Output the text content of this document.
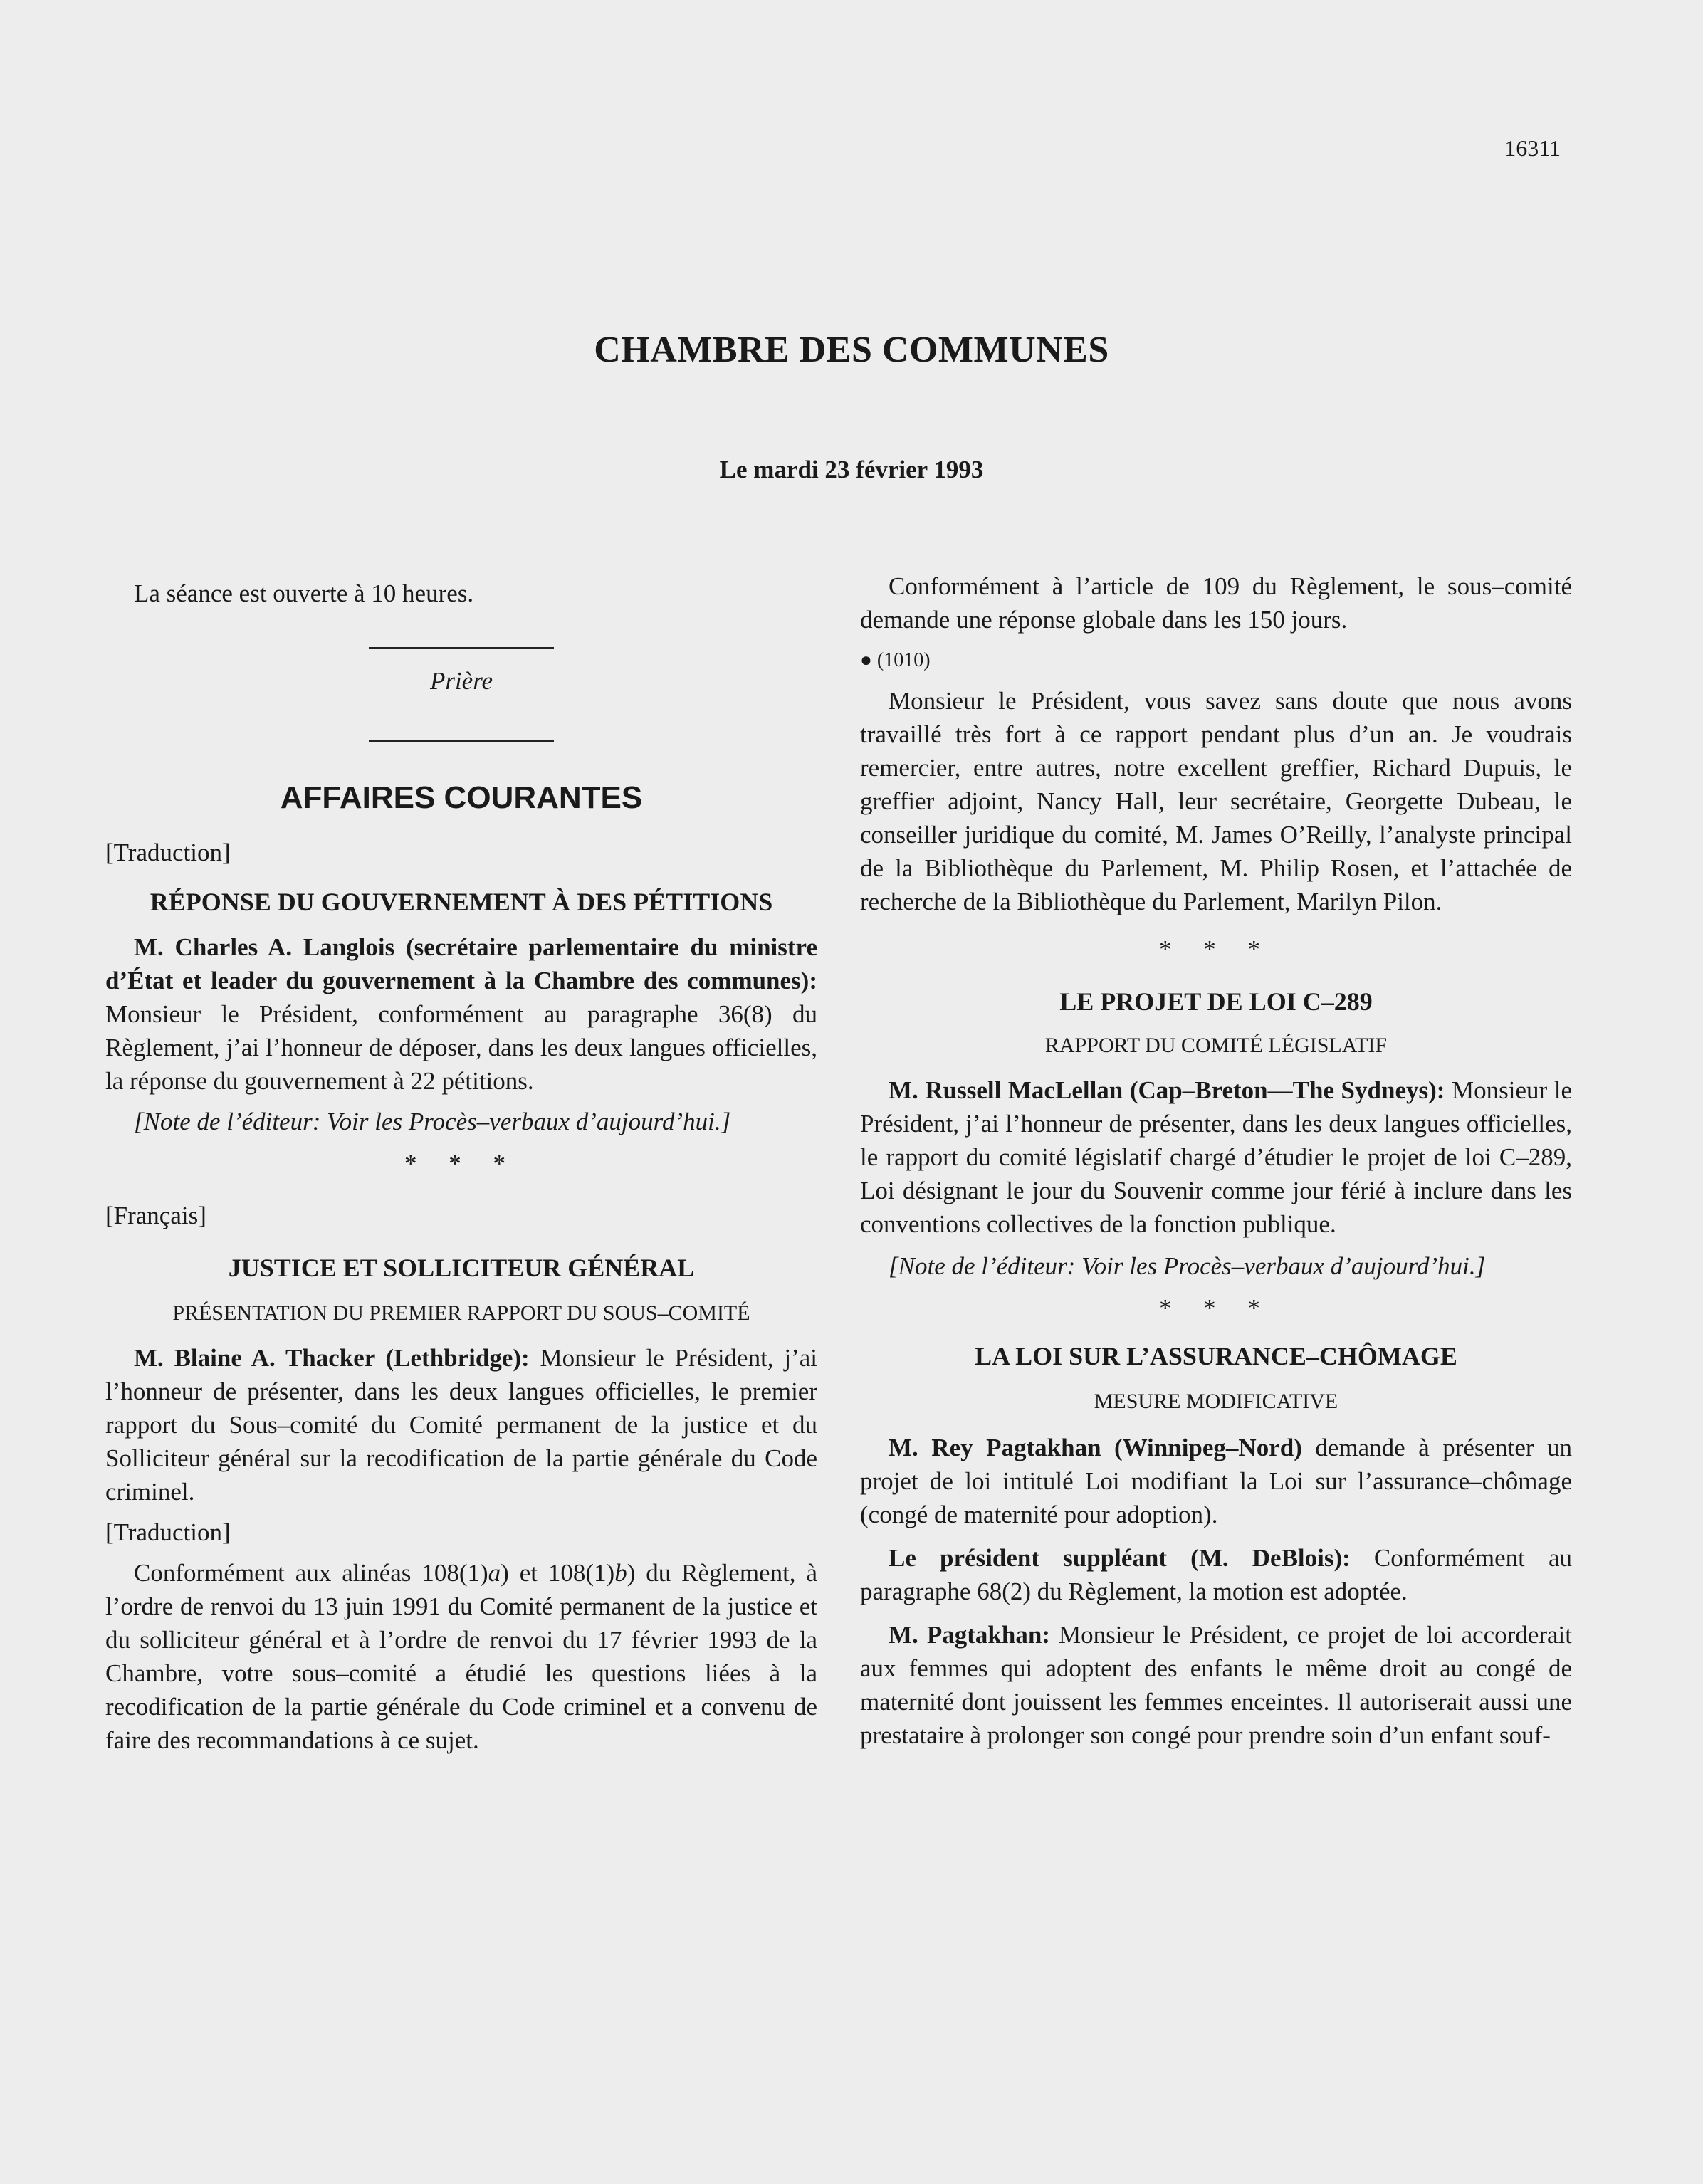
16311
CHAMBRE DES COMMUNES
Le mardi 23 février 1993

La séance est ouverte à 10 heures.

Prière

AFFAIRES COURANTES

[Traduction]

RÉPONSE DU GOUVERNEMENT À DES PÉTITIONS

M. Charles A. Langlois (secrétaire parlementaire du ministre d’État et leader du gouvernement à la Chambre des communes): Monsieur le Président, conformément au paragraphe 36(8) du Règlement, j’ai l’honneur de déposer, dans les deux langues officielles, la réponse du gouvernement à 22 pétitions.

[Note de l’éditeur: Voir les Procès–verbaux d’aujourd’hui.]

* * *

[Français]

JUSTICE ET SOLLICITEUR GÉNÉRAL

PRÉSENTATION DU PREMIER RAPPORT DU SOUS–COMITÉ

M. Blaine A. Thacker (Lethbridge): Monsieur le Président, j’ai l’honneur de présenter, dans les deux langues officielles, le premier rapport du Sous–comité du Comité permanent de la justice et du Solliciteur général sur la recodification de la partie générale du Code criminel.

[Traduction]

Conformément aux alinéas 108(1)a) et 108(1)b) du Règlement, à l’ordre de renvoi du 13 juin 1991 du Comité permanent de la justice et du solliciteur général et à l’ordre de renvoi du 17 février 1993 de la Chambre, votre sous–comité a étudié les questions liées à la recodification de la partie générale du Code criminel et a convenu de faire des recommandations à ce sujet.

Conformément à l’article de 109 du Règlement, le sous–comité demande une réponse globale dans les 150 jours.

● (1010)

Monsieur le Président, vous savez sans doute que nous avons travaillé très fort à ce rapport pendant plus d’un an. Je voudrais remercier, entre autres, notre excellent greffier, Richard Dupuis, le greffier adjoint, Nancy Hall, leur secrétaire, Georgette Dubeau, le conseiller juridique du comité, M. James O’Reilly, l’analyste principal de la Bibliothèque du Parlement, M. Philip Rosen, et l’attachée de recherche de la Bibliothèque du Parlement, Marilyn Pilon.

* * *

LE PROJET DE LOI C–289

RAPPORT DU COMITÉ LÉGISLATIF

M. Russell MacLellan (Cap–Breton—The Sydneys): Monsieur le Président, j’ai l’honneur de présenter, dans les deux langues officielles, le rapport du comité législatif chargé d’étudier le projet de loi C–289, Loi désignant le jour du Souvenir comme jour férié à inclure dans les conventions collectives de la fonction publique.

[Note de l’éditeur: Voir les Procès–verbaux d’aujourd’hui.]

* * *

LA LOI SUR L’ASSURANCE–CHÔMAGE

MESURE MODIFICATIVE

M. Rey Pagtakhan (Winnipeg–Nord) demande à présenter un projet de loi intitulé Loi modifiant la Loi sur l’assurance–chômage (congé de maternité pour adoption).

Le président suppléant (M. DeBlois): Conformément au paragraphe 68(2) du Règlement, la motion est adoptée.

M. Pagtakhan: Monsieur le Président, ce projet de loi accorderait aux femmes qui adoptent des enfants le même droit au congé de maternité dont jouissent les femmes enceintes. Il autoriserait aussi une prestataire à prolonger son congé pour prendre soin d’un enfant souf-
